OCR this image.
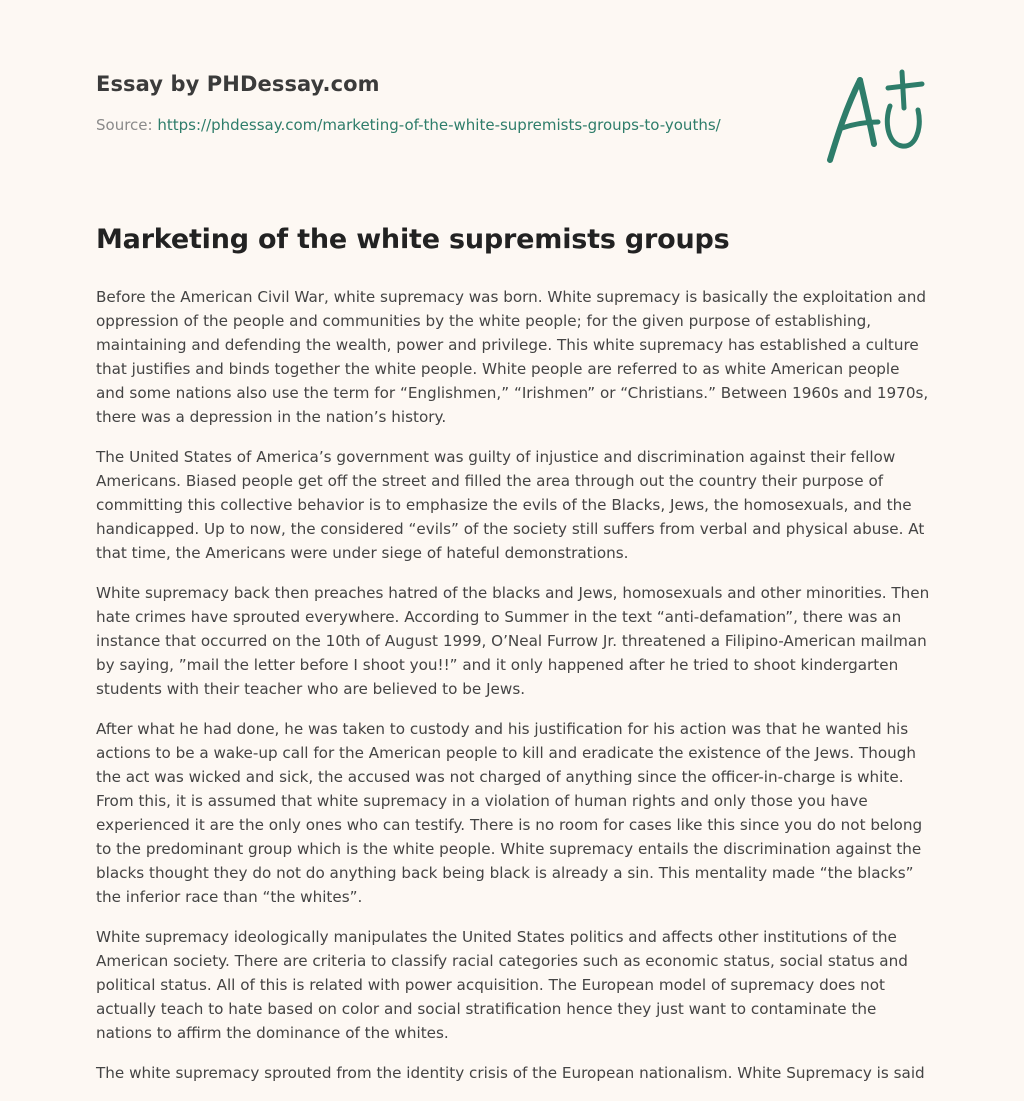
Essay by PHDessay.com
Source: https://phdessay.com/marketing-of-the-white-supremists-groups-to-youths/
Marketing of the white supremists groups

Before the American Civil War, white supremacy was born. White supremacy is basically the exploitation and oppression of the people and communities by the white people; for the given purpose of establishing, maintaining and defending the wealth, power and privilege. This white supremacy has established a culture that justifies and binds together the white people. White people are referred to as white American people and some nations also use the term for “Englishmen,” “Irishmen” or “Christians.” Between 1960s and 1970s, there was a depression in the nation’s history.

The United States of America’s government was guilty of injustice and discrimination against their fellow Americans. Biased people get off the street and filled the area through out the country their purpose of committing this collective behavior is to emphasize the evils of the Blacks, Jews, the homosexuals, and the handicapped. Up to now, the considered “evils” of the society still suffers from verbal and physical abuse. At that time, the Americans were under siege of hateful demonstrations.

White supremacy back then preaches hatred of the blacks and Jews, homosexuals and other minorities. Then hate crimes have sprouted everywhere. According to Summer in the text “anti-defamation”, there was an instance that occurred on the 10th of August 1999, O’Neal Furrow Jr. threatened a Filipino-American mailman by saying, ”mail the letter before I shoot you!!” and it only happened after he tried to shoot kindergarten students with their teacher who are believed to be Jews.

After what he had done, he was taken to custody and his justification for his action was that he wanted his actions to be a wake-up call for the American people to kill and eradicate the existence of the Jews. Though the act was wicked and sick, the accused was not charged of anything since the officer-in-charge is white. From this, it is assumed that white supremacy in a violation of human rights and only those you have experienced it are the only ones who can testify. There is no room for cases like this since you do not belong to the predominant group which is the white people. White supremacy entails the discrimination against the blacks thought they do not do anything back being black is already a sin. This mentality made “the blacks” the inferior race than “the whites”.

White supremacy ideologically manipulates the United States politics and affects other institutions of the American society. There are criteria to classify racial categories such as economic status, social status and political status. All of this is related with power acquisition. The European model of supremacy does not actually teach to hate based on color and social stratification hence they just want to contaminate the nations to affirm the dominance of the whites.

The white supremacy sprouted from the identity crisis of the European nationalism. White Supremacy is said
